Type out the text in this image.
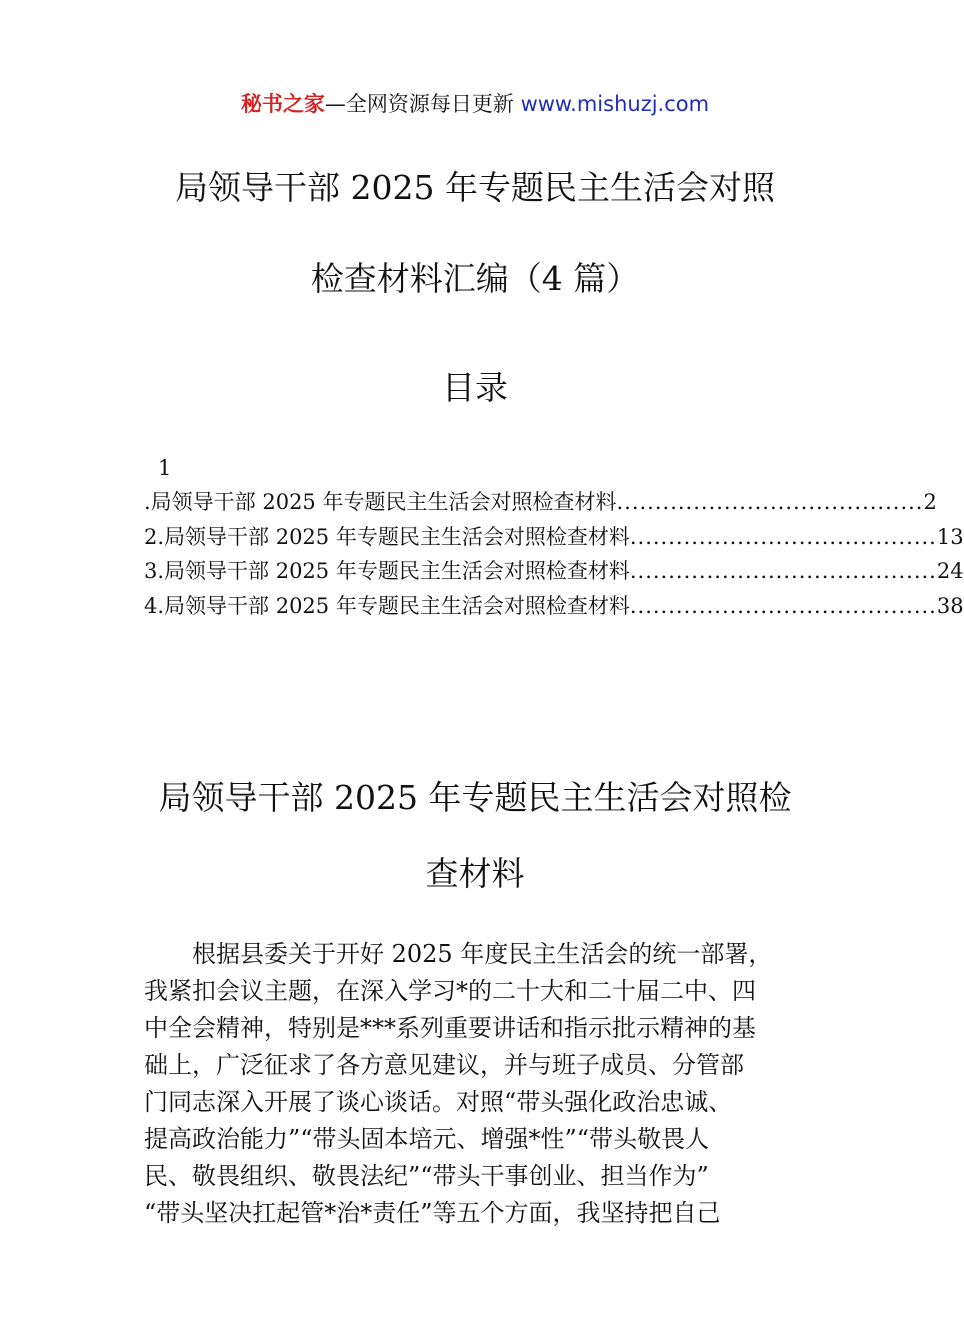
秘书之家—全网资源每日更新 www.mishuzj.com
局领导干部 2025 年专题民主生活会对照
检查材料汇编（4 篇）
目录
1
.局领导干部 2025 年专题民主生活会对照检查材料 ........................................ 2
2.局领导干部 2025 年专题民主生活会对照检查材料 ........................................ 13
3.局领导干部 2025 年专题民主生活会对照检查材料 ........................................ 24
4.局领导干部 2025 年专题民主生活会对照检查材料 ........................................ 38
局领导干部 2025 年专题民主生活会对照检
查材料
根据县委关于开好 2025 年度民主生活会的统一部署，
我紧扣会议主题，在深入学习*的二十大和二十届二中、四
中全会精神，特别是***系列重要讲话和指示批示精神的基
础上，广泛征求了各方意见建议，并与班子成员、分管部
门同志深入开展了谈心谈话。对照“带头强化政治忠诚、
提高政治能力”“带头固本培元、增强*性”“带头敬畏人
民、敬畏组织、敬畏法纪”“带头干事创业、担当作为”
“带头坚决扛起管*治*责任”等五个方面，我坚持把自己
